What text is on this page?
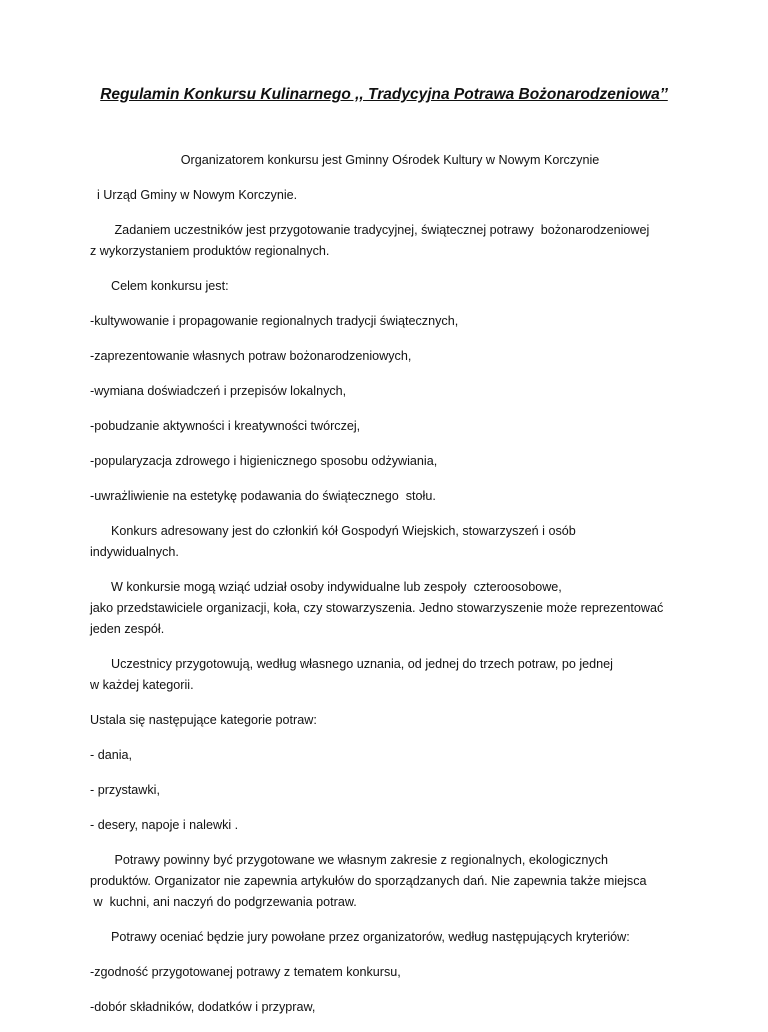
Regulamin Konkursu Kulinarnego ,, Tradycyjna Potrawa Bożonarodzeniowa’’

Organizatorem konkursu jest Gminny Ośrodek Kultury w Nowym Korczynie

i Urząd Gminy w Nowym Korczynie.

Zadaniem uczestników jest przygotowanie tradycyjnej, świątecznej potrawy  bożonarodzeniowej
z wykorzystaniem produktów regionalnych.

Celem konkursu jest:

-kultywowanie i propagowanie regionalnych tradycji świątecznych,

-zaprezentowanie własnych potraw bożonarodzeniowych,

-wymiana doświadczeń i przepisów lokalnych,

-pobudzanie aktywności i kreatywności twórczej,

-popularyzacja zdrowego i higienicznego sposobu odżywiania,

-uwrażliwienie na estetykę podawania do świątecznego  stołu.

Konkurs adresowany jest do członkiń kół Gospodyń Wiejskich, stowarzyszeń i osób
indywidualnych.

W konkursie mogą wziąć udział osoby indywidualne lub zespoły  czteroosobowe,
jako przedstawiciele organizacji, koła, czy stowarzyszenia. Jedno stowarzyszenie może reprezentować
jeden zespół.

Uczestnicy przygotowują, według własnego uznania, od jednej do trzech potraw, po jednej
w każdej kategorii.

Ustala się następujące kategorie potraw:

- dania,

- przystawki,

- desery, napoje i nalewki .

Potrawy powinny być przygotowane we własnym zakresie z regionalnych, ekologicznych
produktów. Organizator nie zapewnia artykułów do sporządzanych dań. Nie zapewnia także miejsca
w  kuchni, ani naczyń do podgrzewania potraw.

Potrawy oceniać będzie jury powołane przez organizatorów, według następujących kryteriów:

-zgodność przygotowanej potrawy z tematem konkursu,

-dobór składników, dodatków i przypraw,
